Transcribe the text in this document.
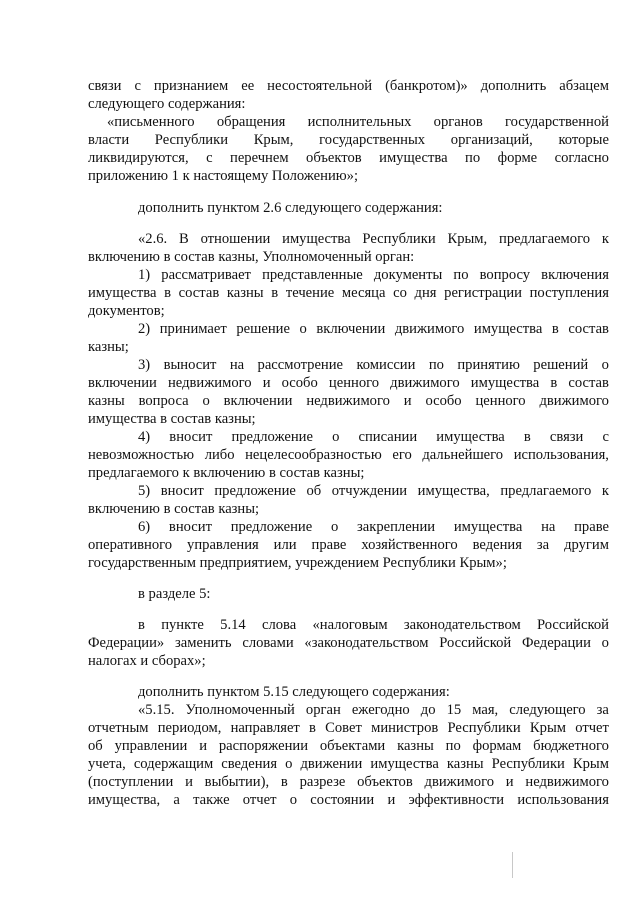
связи с признанием ее несостоятельной (банкротом)» дополнить абзацем
следующего содержания:
«письменного обращения исполнительных органов государственной
власти Республики Крым, государственных организаций, которые
ликвидируются, с перечнем объектов имущества по форме согласно
приложению 1 к настоящему Положению»;
дополнить пунктом 2.6 следующего содержания:
«2.6. В отношении имущества Республики Крым, предлагаемого к
включению в состав казны, Уполномоченный орган:
1) рассматривает представленные документы по вопросу включения
имущества в состав казны в течение месяца со дня регистрации поступления
документов;
2) принимает решение о включении движимого имущества в состав
казны;
3) выносит на рассмотрение комиссии по принятию решений о
включении недвижимого и особо ценного движимого имущества в состав
казны вопроса о включении недвижимого и особо ценного движимого
имущества в состав казны;
4) вносит предложение о списании имущества в связи с
невозможностью либо нецелесообразностью его дальнейшего использования,
предлагаемого к включению в состав казны;
5) вносит предложение об отчуждении имущества, предлагаемого к
включению в состав казны;
6) вносит предложение о закреплении имущества на праве
оперативного управления или праве хозяйственного ведения за другим
государственным предприятием, учреждением Республики Крым»;
в разделе 5:
в пункте 5.14 слова «налоговым законодательством Российской
Федерации» заменить словами «законодательством Российской Федерации о
налогах и сборах»;
дополнить пунктом 5.15 следующего содержания:
«5.15. Уполномоченный орган ежегодно до 15 мая, следующего за
отчетным периодом, направляет в Совет министров Республики Крым отчет
об управлении и распоряжении объектами казны по формам бюджетного
учета, содержащим сведения о движении имущества казны Республики Крым
(поступлении и выбытии), в разрезе объектов движимого и недвижимого
имущества, а также отчет о состоянии и эффективности использования
